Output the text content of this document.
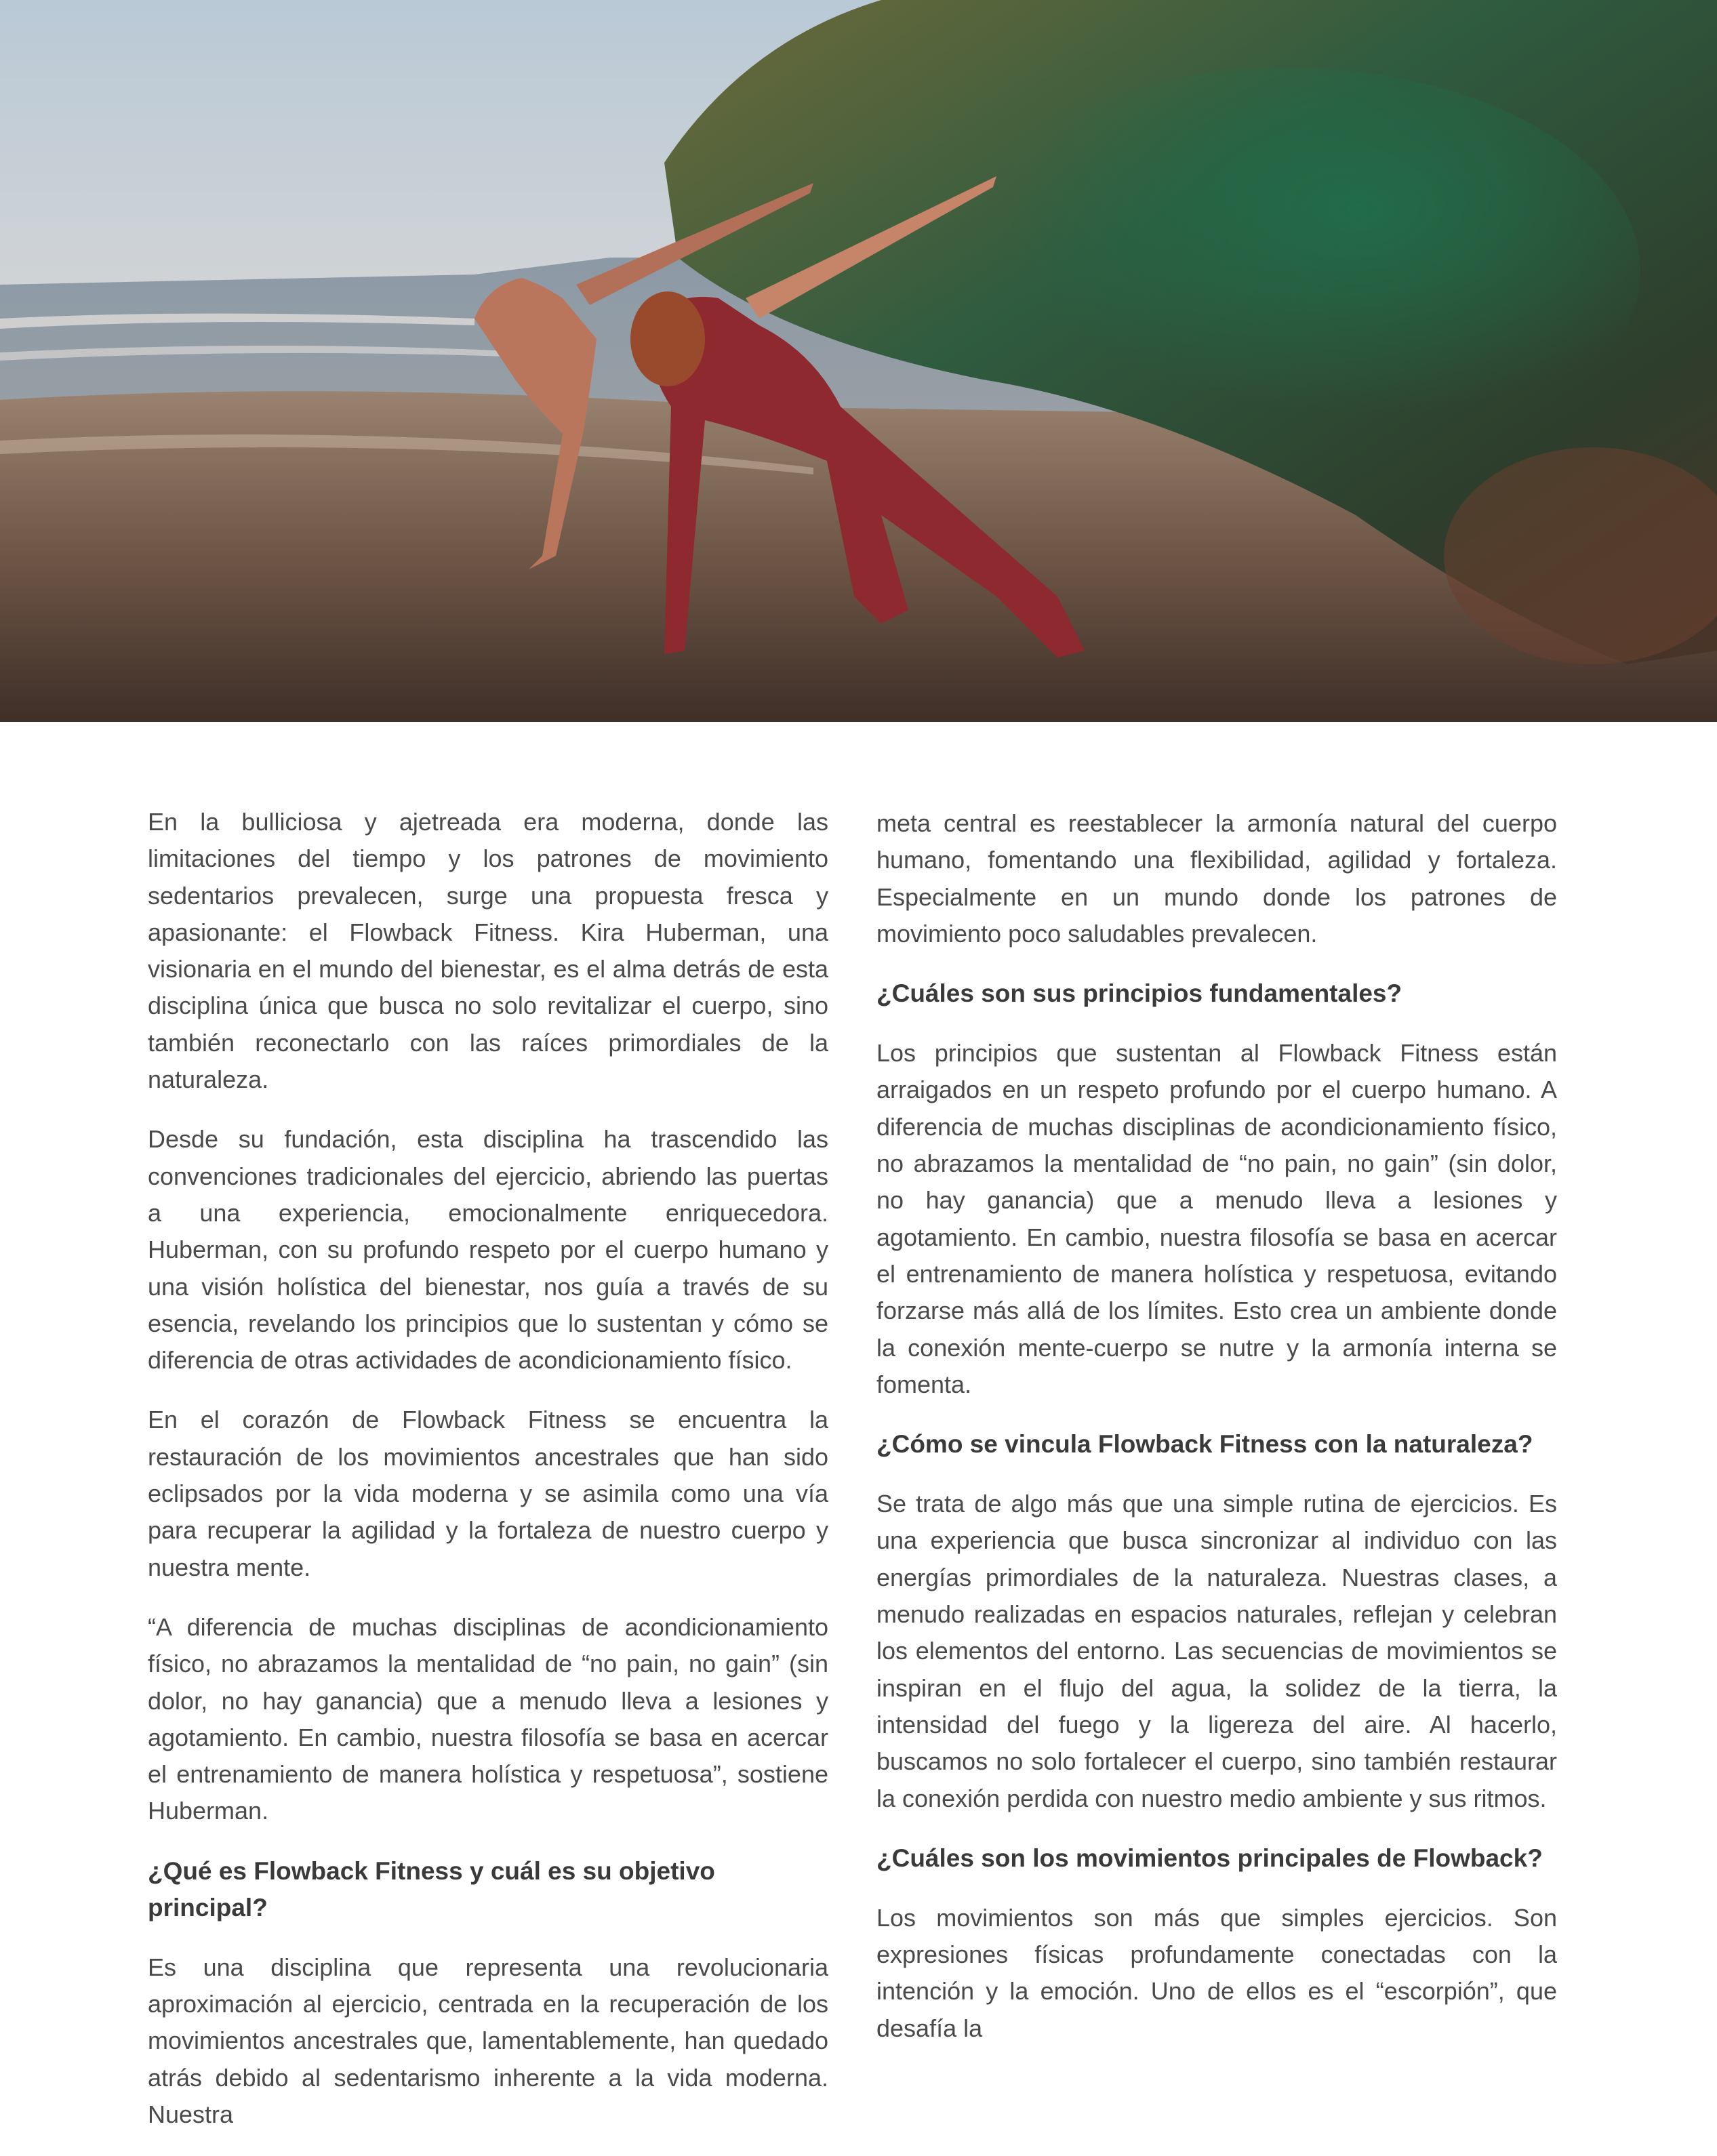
En la bulliciosa y ajetreada era moderna, donde las limitaciones del tiempo y los patrones de movimiento sedentarios prevalecen, surge una propuesta fresca y apasionante: el Flowback Fitness. Kira Huberman, una visionaria en el mundo del bienestar, es el alma detrás de esta disciplina única que busca no solo revitalizar el cuerpo, sino también reconectarlo con las raíces primordiales de la naturaleza.

Desde su fundación, esta disciplina ha trascendido las convenciones tradicionales del ejercicio, abriendo las puertas a una experiencia, emocionalmente enriquecedora. Huberman, con su profundo respeto por el cuerpo humano y una visión holística del bienestar, nos guía a través de su esencia, revelando los principios que lo sustentan y cómo se diferencia de otras actividades de acondicionamiento físico.

En el corazón de Flowback Fitness se encuentra la restauración de los movimientos ancestrales que han sido eclipsados por la vida moderna y se asimila como una vía para recuperar la agilidad y la fortaleza de nuestro cuerpo y nuestra mente.

“A diferencia de muchas disciplinas de acondicionamiento físico, no abrazamos la mentalidad de “no pain, no gain” (sin dolor, no hay ganancia) que a menudo lleva a lesiones y agotamiento. En cambio, nuestra filosofía se basa en acercar el entrenamiento de manera holística y respetuosa”, sostiene Huberman.

¿Qué es Flowback Fitness y cuál es su objetivo principal?

Es una disciplina que representa una revolucionaria aproximación al ejercicio, centrada en la recuperación de los movimientos ancestrales que, lamentablemente, han quedado atrás debido al sedentarismo inherente a la vida moderna. Nuestra

meta central es reestablecer la armonía natural del cuerpo humano, fomentando una flexibilidad, agilidad y fortaleza. Especialmente en un mundo donde los patrones de movimiento poco saludables prevalecen.

¿Cuáles son sus principios fundamentales?

Los principios que sustentan al Flowback Fitness están arraigados en un respeto profundo por el cuerpo humano. A diferencia de muchas disciplinas de acondicionamiento físico, no abrazamos la mentalidad de “no pain, no gain” (sin dolor, no hay ganancia) que a menudo lleva a lesiones y agotamiento. En cambio, nuestra filosofía se basa en acercar el entrenamiento de manera holística y respetuosa, evitando forzarse más allá de los límites. Esto crea un ambiente donde la conexión mente-cuerpo se nutre y la armonía interna se fomenta.

¿Cómo se vincula Flowback Fitness con la naturaleza?

Se trata de algo más que una simple rutina de ejercicios. Es una experiencia que busca sincronizar al individuo con las energías primordiales de la naturaleza. Nuestras clases, a menudo realizadas en espacios naturales, reflejan y celebran los elementos del entorno. Las secuencias de movimientos se inspiran en el flujo del agua, la solidez de la tierra, la intensidad del fuego y la ligereza del aire. Al hacerlo, buscamos no solo fortalecer el cuerpo, sino también restaurar la conexión perdida con nuestro medio ambiente y sus ritmos.

¿Cuáles son los movimientos principales de Flowback?

Los movimientos son más que simples ejercicios. Son expresiones físicas profundamente conectadas con la intención y la emoción. Uno de ellos es el “escorpión”, que desafía la
